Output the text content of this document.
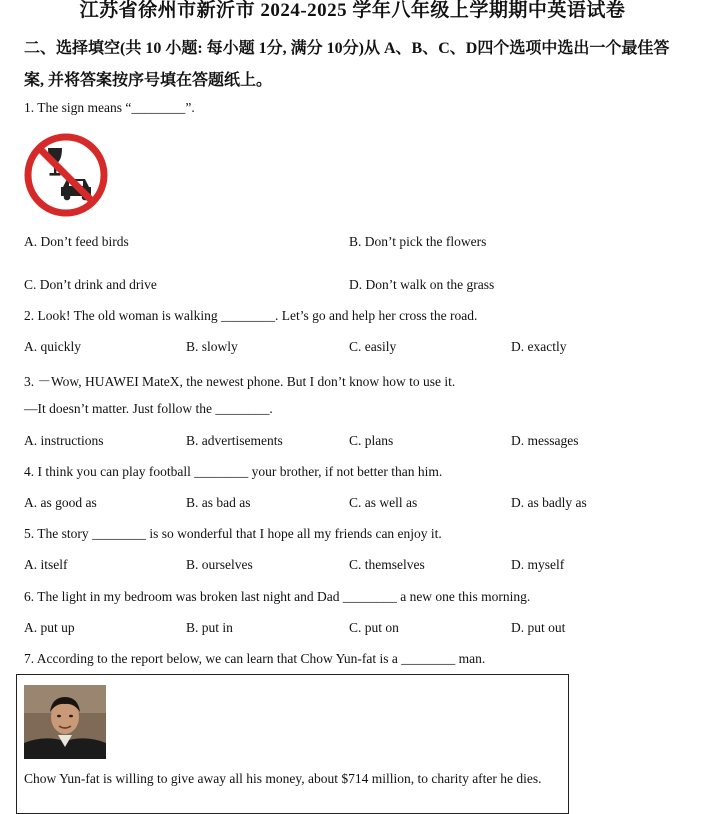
江苏省徐州市新沂市 2024-2025 学年八年级上学期期中英语试卷
二、选择填空(共 10 小题: 每小题 1分, 满分 10分)从 A、B、C、D四个选项中选出一个最佳答案, 并将答案按序号填在答题纸上。
1. The sign means “________”.
A. Don’t feed birds	B. Don’t pick the flowers
C. Don’t drink and drive	D. Don’t walk on the grass
2. Look! The old woman is walking ________. Let’s go and help her cross the road.
A. quickly	B. slowly	C. easily	D. exactly
3. －Wow, HUAWEI MateX, the newest phone. But I don’t know how to use it.
—It doesn’t matter. Just follow the ________.
A. instructions	B. advertisements	C. plans	D. messages
4. I think you can play football ________ your brother, if not better than him.
A. as good as	B. as bad as	C. as well as	D. as badly as
5. The story ________ is so wonderful that I hope all my friends can enjoy it.
A. itself	B. ourselves	C. themselves	D. myself
6. The light in my bedroom was broken last night and Dad ________ a new one this morning.
A. put up	B. put in	C. put on	D. put out
7. According to the report below, we can learn that Chow Yun-fat is a ________ man.
Chow Yun-fat is willing to give away all his money, about $714 million, to charity after he dies.
